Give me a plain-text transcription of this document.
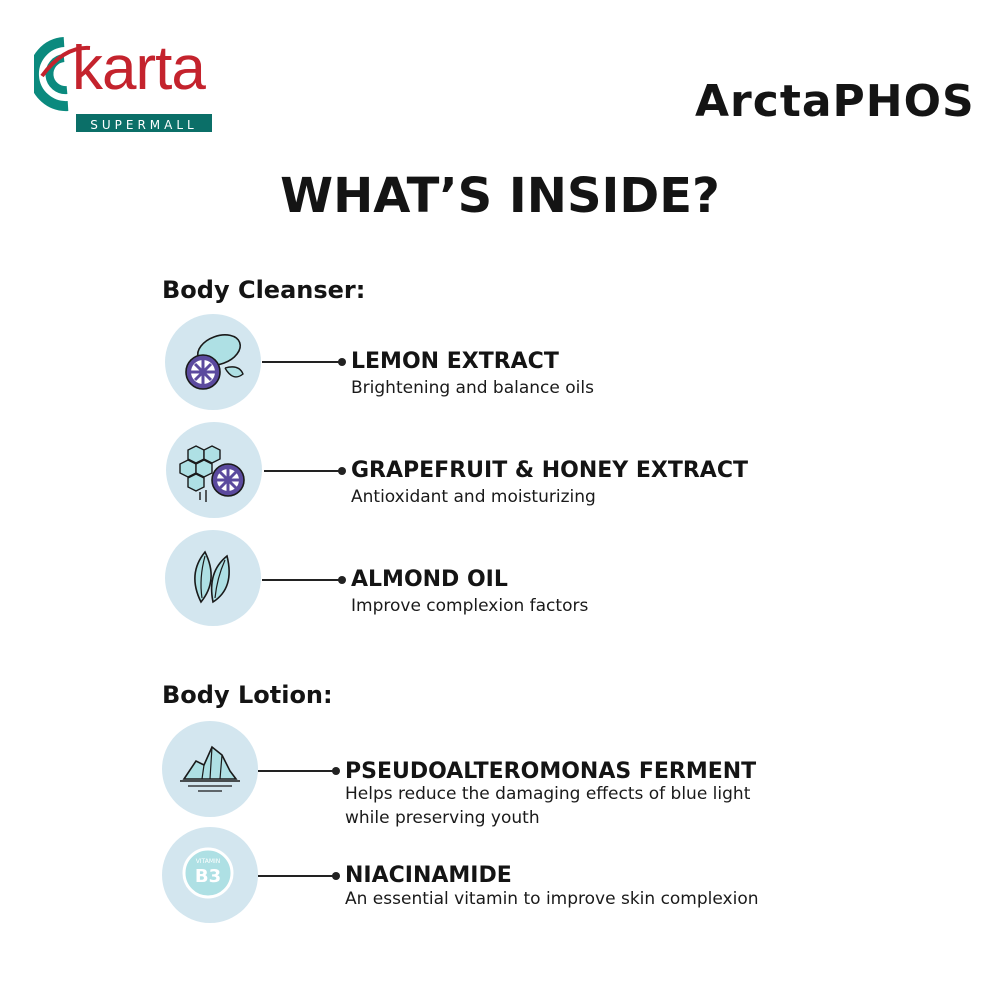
karta
SUPERMALL	ArctaPHOS
WHAT’S INSIDE?
Body Cleanser:
LEMON EXTRACT
Brightening and balance oils
GRAPEFRUIT & HONEY EXTRACT
Antioxidant and moisturizing
ALMOND OIL
Improve complexion factors
Body Lotion:
PSEUDOALTEROMONAS FERMENT
Helps reduce the damaging effects of blue light
while preserving youth
VITAMIN
B3	NIACINAMIDE
An essential vitamin to improve skin complexion
